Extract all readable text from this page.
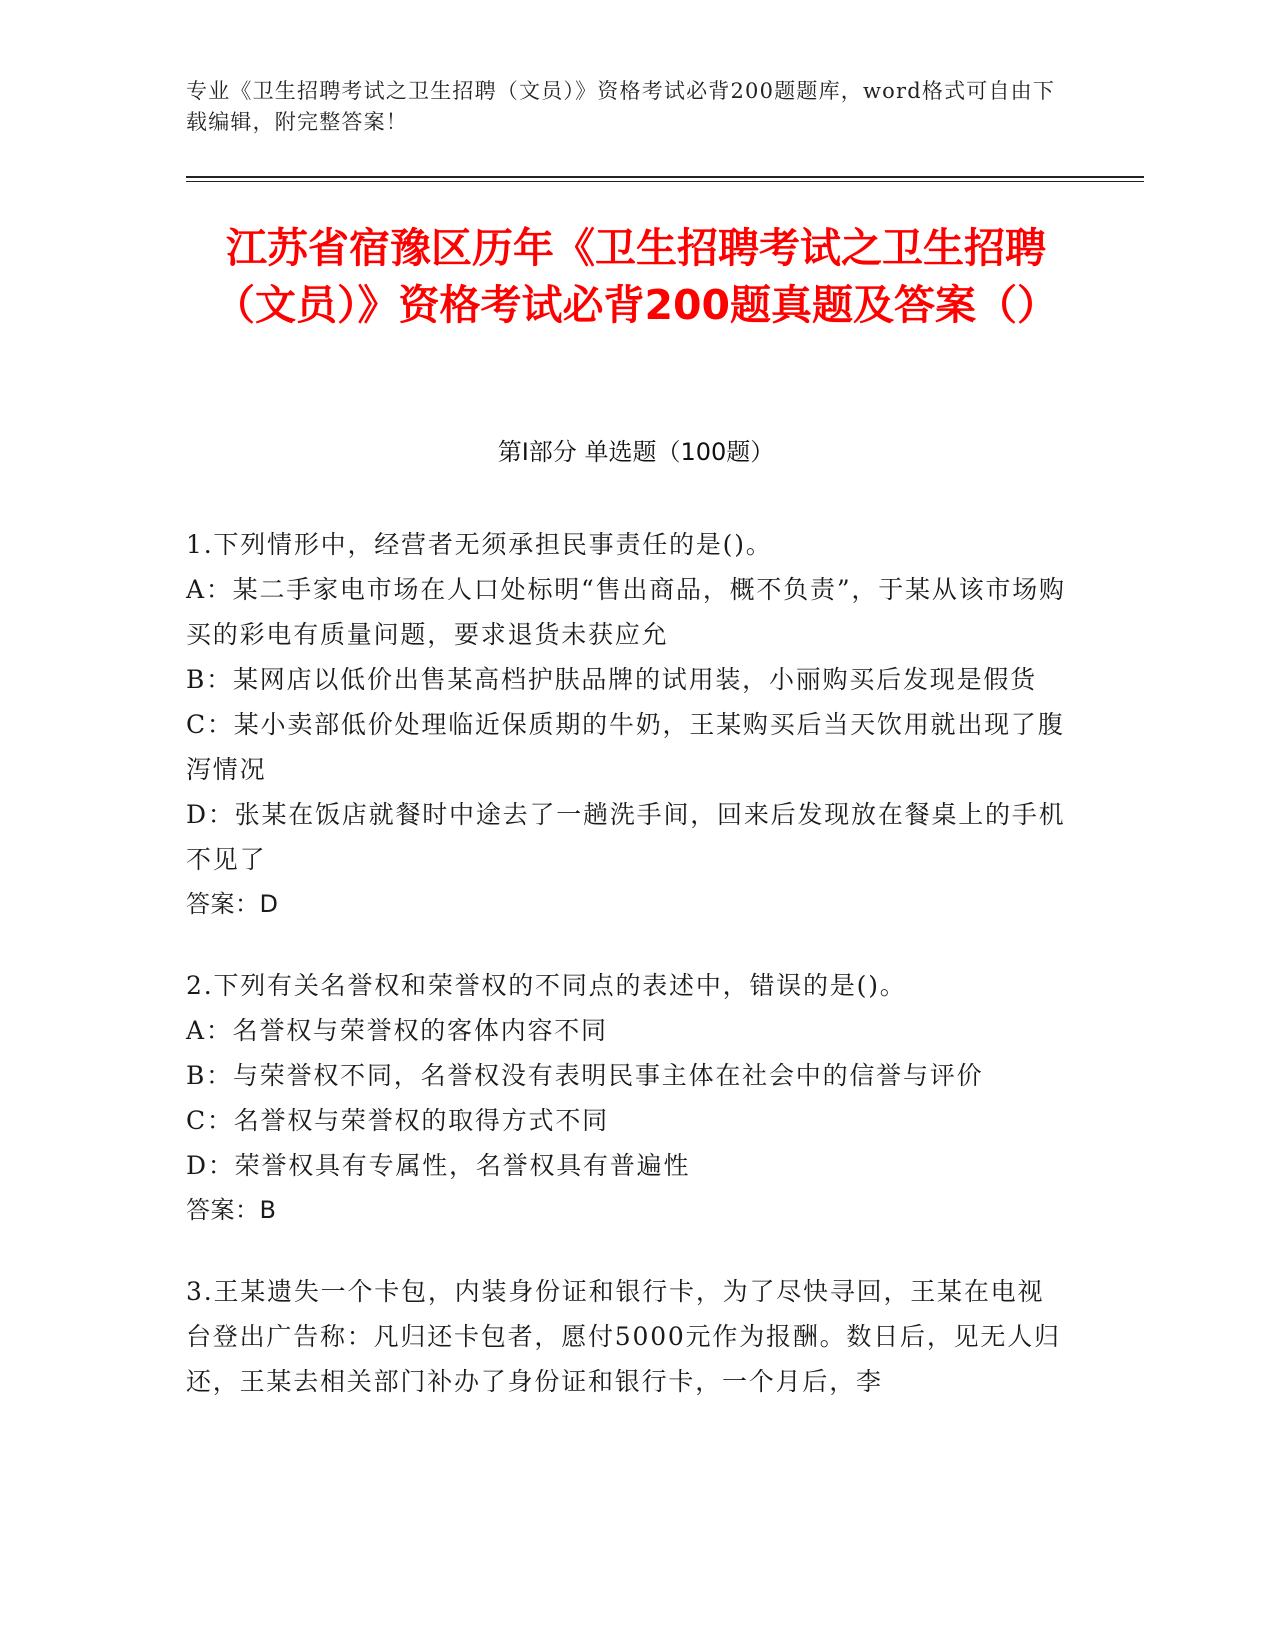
专业《卫生招聘考试之卫生招聘（文员）》资格考试必背200题题库，word格式可自由下载编辑，附完整答案！
江苏省宿豫区历年《卫生招聘考试之卫生招聘（文员）》资格考试必背200题真题及答案（）
第I部分 单选题（100题）
1.下列情形中，经营者无须承担民事责任的是()。
A：某二手家电市场在人口处标明“售出商品，概不负责”，于某从该市场购买的彩电有质量问题，要求退货未获应允
B：某网店以低价出售某高档护肤品牌的试用装，小丽购买后发现是假货
C：某小卖部低价处理临近保质期的牛奶，王某购买后当天饮用就出现了腹泻情况
D：张某在饭店就餐时中途去了一趟洗手间，回来后发现放在餐桌上的手机不见了
答案：D
2.下列有关名誉权和荣誉权的不同点的表述中，错误的是()。
A：名誉权与荣誉权的客体内容不同
B：与荣誉权不同，名誉权没有表明民事主体在社会中的信誉与评价
C：名誉权与荣誉权的取得方式不同
D：荣誉权具有专属性，名誉权具有普遍性
答案：B
3.王某遗失一个卡包，内装身份证和银行卡，为了尽快寻回，王某在电视台登出广告称：凡归还卡包者，愿付5000元作为报酬。数日后，见无人归还，王某去相关部门补办了身份证和银行卡，一个月后，李
